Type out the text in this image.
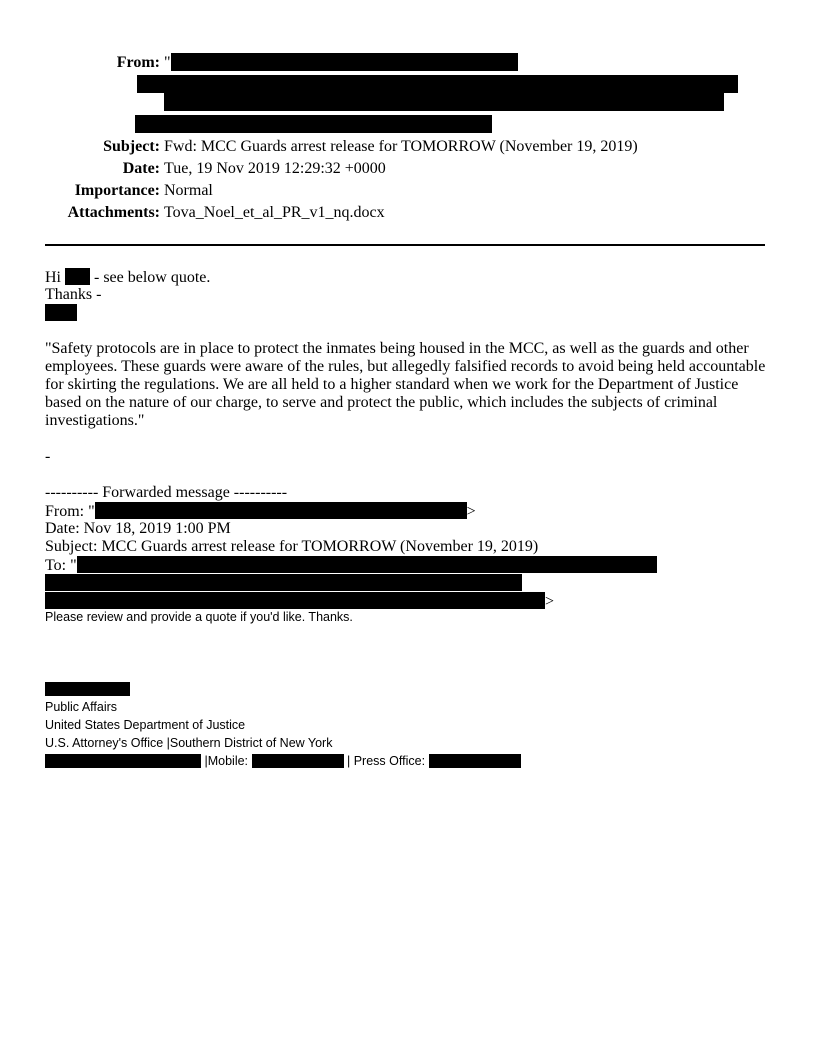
From: "
Subject: Fwd: MCC Guards arrest release for TOMORROW (November 19, 2019)
Date: Tue, 19 Nov 2019 12:29:32 +0000
Importance: Normal
Attachments: Tova_Noel_et_al_PR_v1_nq.docx
Hi - see below quote.
Thanks -
"Safety protocols are in place to protect the inmates being housed in the MCC, as well as the guards and other employees. These guards were aware of the rules, but allegedly falsified records to avoid being held accountable for skirting the regulations. We are all held to a higher standard when we work for the Department of Justice based on the nature of our charge, to serve and protect the public, which includes the subjects of criminal investigations."
-
---------- Forwarded message ----------
From: "	>
Date: Nov 18, 2019 1:00 PM
Subject: MCC Guards arrest release for TOMORROW (November 19, 2019)
To: "
>
Please review and provide a quote if you'd like. Thanks.
Public Affairs
United States Department of Justice
U.S. Attorney's Office |Southern District of New York
|Mobile:	| Press Office:
